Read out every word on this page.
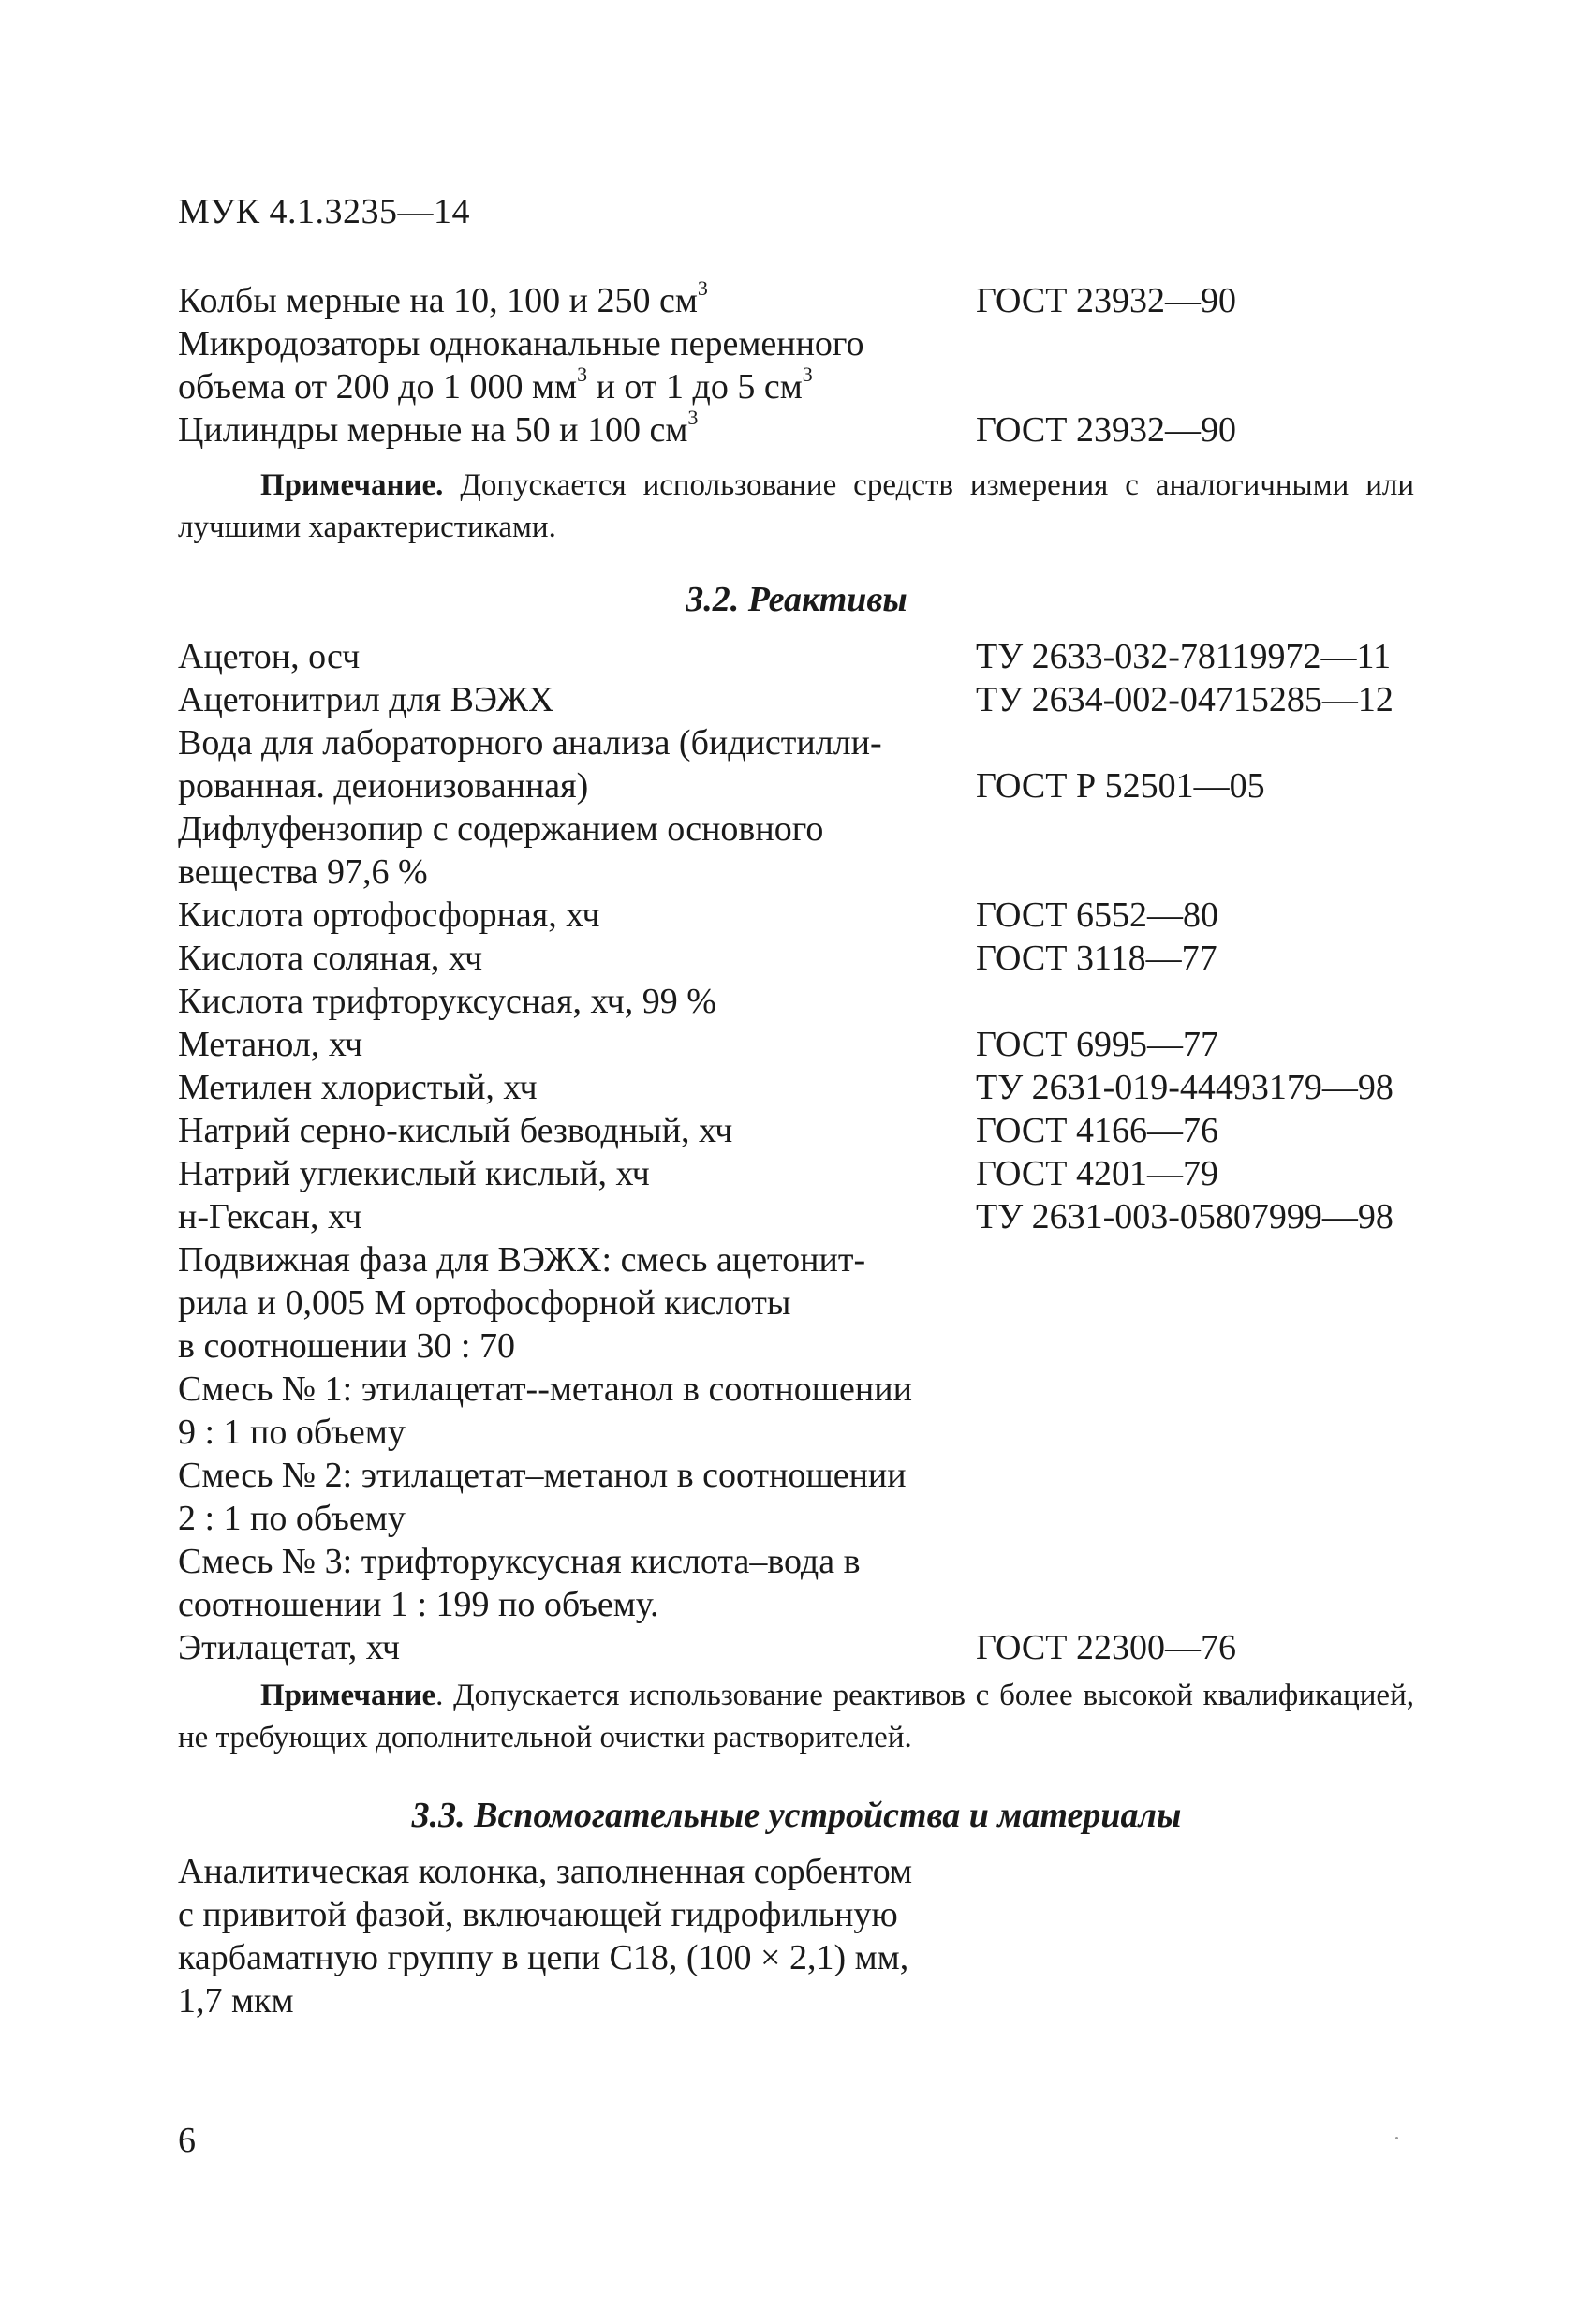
МУК 4.1.3235—14
Колбы мерные на 10, 100 и 250 $см^3$	ГОСТ 23932—90
Микродозаторы одноканальные переменного
объема от 200 до 1 000 $мм^3$ и от 1 до 5 $см^3$
Цилиндры мерные на 50 и 100 $см^3$	ГОСТ 23932—90
Примечание. Допускается использование средств измерения с аналогичными или лучшими характеристиками.
3.2. Реактивы
Ацетон, осч	ТУ 2633-032-78119972—11
Ацетонитрил для ВЭЖХ	ТУ 2634-002-04715285—12
Вода для лабораторного анализа (бидистилли-
рованная. деионизованная)	ГОСТ Р 52501—05
Дифлуфензопир с содержанием основного
вещества 97,6 %
Кислота ортофосфорная, хч	ГОСТ 6552—80
Кислота соляная, хч	ГОСТ 3118—77
Кислота трифторуксусная, хч, 99 %
Метанол, хч	ГОСТ 6995—77
Метилен хлористый, хч	ТУ 2631-019-44493179—98
Натрий серно-кислый безводный, хч	ГОСТ 4166—76
Натрий углекислый кислый, хч	ГОСТ 4201—79
н-Гексан, хч	ТУ 2631-003-05807999—98
Подвижная фаза для ВЭЖХ: смесь ацетонит-
рила и 0,005 М ортофосфорной кислоты
в соотношении 30 : 70
Смесь № 1: этилацетат--метанол в соотношении
9 : 1 по объему
Смесь № 2: этилацетат–метанол в соотношении
2 : 1 по объему
Смесь № 3: трифторуксусная кислота–вода в
соотношении 1 : 199 по объему.
Этилацетат, хч	ГОСТ 22300—76
Примечание. Допускается использование реактивов с более высокой квалификацией, не требующих дополнительной очистки растворителей.
3.3. Вспомогательные устройства и материалы
Аналитическая колонка, заполненная сорбентом
с привитой фазой, включающей гидрофильную
карбаматную группу в цепи С18, (100 × 2,1) мм,
1,7 мкм
6
